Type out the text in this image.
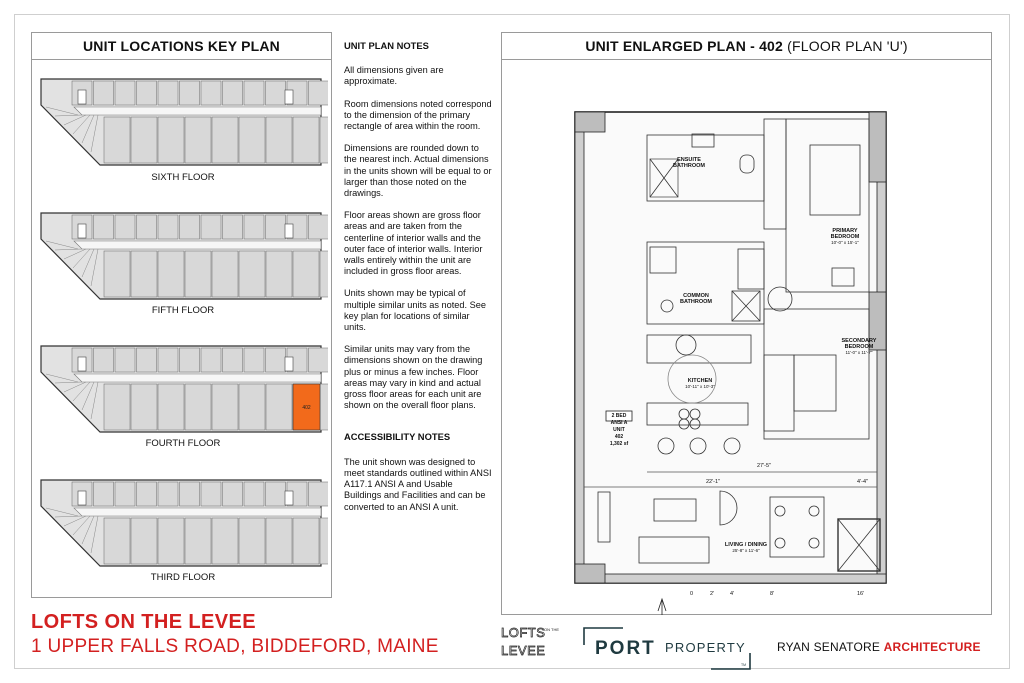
UNIT LOCATIONS KEY PLAN
SIXTH FLOOR
FIFTH FLOOR
402
FOURTH FLOOR
THIRD FLOOR
UNIT PLAN NOTES

All dimensions given are approximate.

Room dimensions noted correspond to the dimension of the primary rectangle of area within the room.

Dimensions are rounded down to the nearest inch. Actual dimensions in the units shown will be equal to or larger than those noted on the drawings.

Floor areas shown are gross floor areas and are taken from the centerline of interior walls and the outer face of interior walls. Interior walls entirely within the unit are included in gross floor areas.

Units shown may be typical of multiple similar units as noted. See key plan for locations of similar units.

Similar units may vary from the dimensions shown on the drawing plus or minus a few inches. Floor areas may vary in kind and actual gross floor areas for each unit are shown on the overall floor plans.

ACCESSIBILITY NOTES

The unit shown was designed to meet standards outlined within ANSI A117.1 ANSI A and Usable Buildings and Facilities and can be converted to an ANSI A unit.

UNIT ENLARGED PLAN - 402 (FLOOR PLAN 'U')
ENSUITE BATHROOM
PRIMARY BEDROOM
10'-0" x 15'-1"
COMMON BATHROOM
SECONDARY BEDROOM
11'-0" x 11'-7"
KITCHEN
10'-11" x 10'-3"
LIVING / DINING
25'-8" x 11'-6"
2 BED
ANSI A
UNIT
402
1,302 sf
27'-5"
22'-1"	4'-4"
0	2'	4'	8'	16'
LOFTS ON THE LEVEE
1 UPPER FALLS ROAD, BIDDEFORD, MAINE
LOFTS
ON THE
LEVEE	PORT PROPERTY
TM
RYAN SENATORE ARCHITECTURE
